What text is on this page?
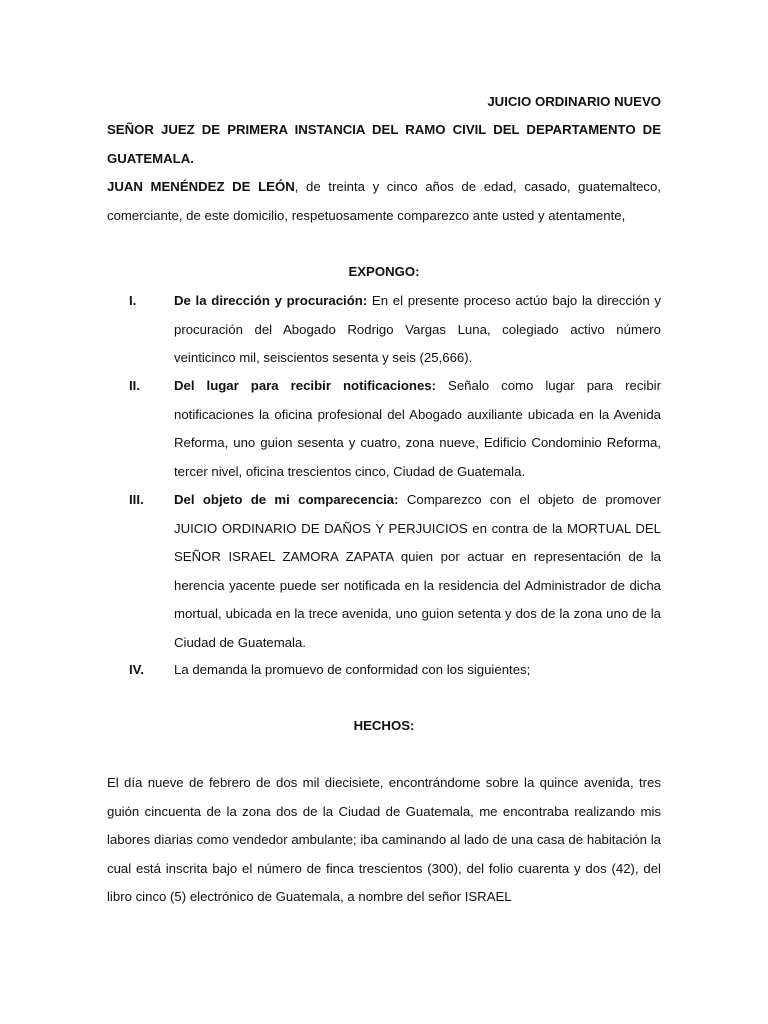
JUICIO ORDINARIO NUEVO
SEÑOR JUEZ DE PRIMERA INSTANCIA DEL RAMO CIVIL DEL DEPARTAMENTO DE GUATEMALA.
JUAN MENÉNDEZ DE LEÓN, de treinta y cinco años de edad, casado, guatemalteco, comerciante, de este domicilio, respetuosamente comparezco ante usted y atentamente,
EXPONGO:
I.	De la dirección y procuración: En el presente proceso actúo bajo la dirección y procuración del Abogado Rodrigo Vargas Luna, colegiado activo número veinticinco mil, seiscientos sesenta y seis (25,666).
II.	Del lugar para recibir notificaciones: Señalo como lugar para recibir notificaciones la oficina profesional del Abogado auxiliante ubicada en la Avenida Reforma, uno guion sesenta y cuatro, zona nueve, Edificio Condominio Reforma, tercer nivel, oficina trescientos cinco, Ciudad de Guatemala.
III. Del objeto de mi comparecencia: Comparezco con el objeto de promover JUICIO ORDINARIO DE DAÑOS Y PERJUICIOS en contra de la MORTUAL DEL SEÑOR ISRAEL ZAMORA ZAPATA quien por actuar en representación de la herencia yacente puede ser notificada en la residencia del Administrador de dicha mortual, ubicada en la trece avenida, uno guion setenta y dos de la zona uno de la Ciudad de Guatemala.
IV. La demanda la promuevo de conformidad con los siguientes;
HECHOS:
El día nueve de febrero de dos mil diecisiete, encontrándome sobre la quince avenida, tres guión cincuenta de la zona dos de la Ciudad de Guatemala, me encontraba realizando mis labores diarias como vendedor ambulante; iba caminando al lado de una casa de habitación la cual está inscrita bajo el número de finca trescientos (300), del folio cuarenta y dos (42), del libro cinco (5) electrónico de Guatemala, a nombre del señor ISRAEL
